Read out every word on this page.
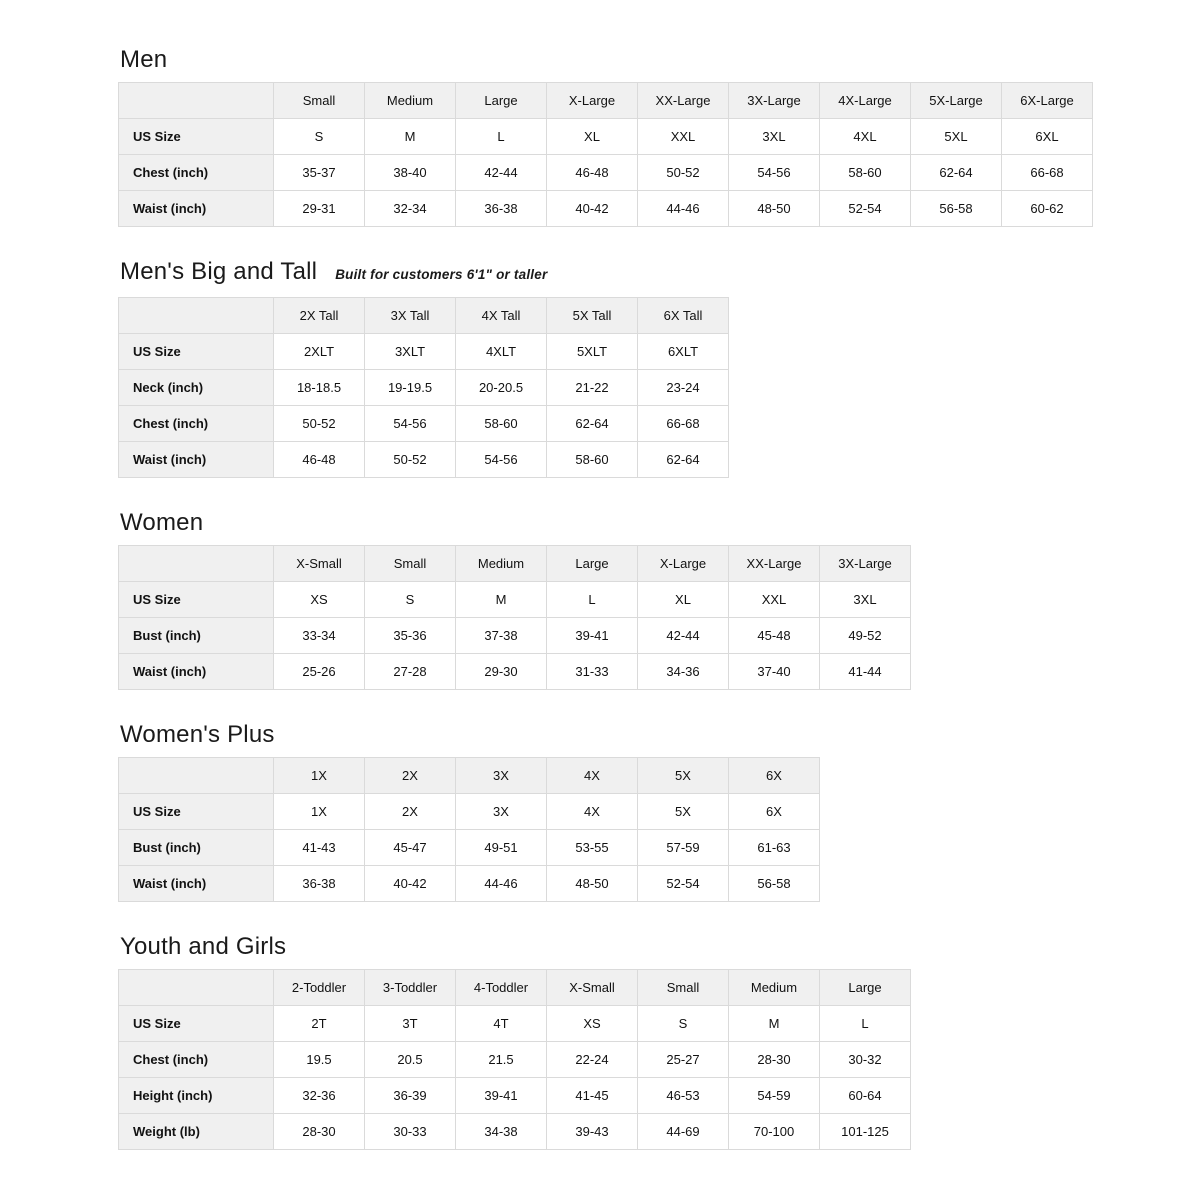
Men
	Small	Medium	Large	X-Large	XX-Large	3X-Large	4X-Large	5X-Large	6X-Large
US Size	S	M	L	XL	XXL	3XL	4XL	5XL	6XL
Chest (inch)	35-37	38-40	42-44	46-48	50-52	54-56	58-60	62-64	66-68
Waist (inch)	29-31	32-34	36-38	40-42	44-46	48-50	52-54	56-58	60-62
Men's Big and Tall Built for customers 6'1" or taller
	2X Tall	3X Tall	4X Tall	5X Tall	6X Tall
US Size	2XLT	3XLT	4XLT	5XLT	6XLT
Neck (inch)	18-18.5	19-19.5	20-20.5	21-22	23-24
Chest (inch)	50-52	54-56	58-60	62-64	66-68
Waist (inch)	46-48	50-52	54-56	58-60	62-64
Women
	X-Small	Small	Medium	Large	X-Large	XX-Large	3X-Large
US Size	XS	S	M	L	XL	XXL	3XL
Bust (inch)	33-34	35-36	37-38	39-41	42-44	45-48	49-52
Waist (inch)	25-26	27-28	29-30	31-33	34-36	37-40	41-44
Women's Plus
	1X	2X	3X	4X	5X	6X
US Size	1X	2X	3X	4X	5X	6X
Bust (inch)	41-43	45-47	49-51	53-55	57-59	61-63
Waist (inch)	36-38	40-42	44-46	48-50	52-54	56-58
Youth and Girls
	2-Toddler	3-Toddler	4-Toddler	X-Small	Small	Medium	Large
US Size	2T	3T	4T	XS	S	M	L
Chest (inch)	19.5	20.5	21.5	22-24	25-27	28-30	30-32
Height (inch)	32-36	36-39	39-41	41-45	46-53	54-59	60-64
Weight (lb)	28-30	30-33	34-38	39-43	44-69	70-100	101-125
